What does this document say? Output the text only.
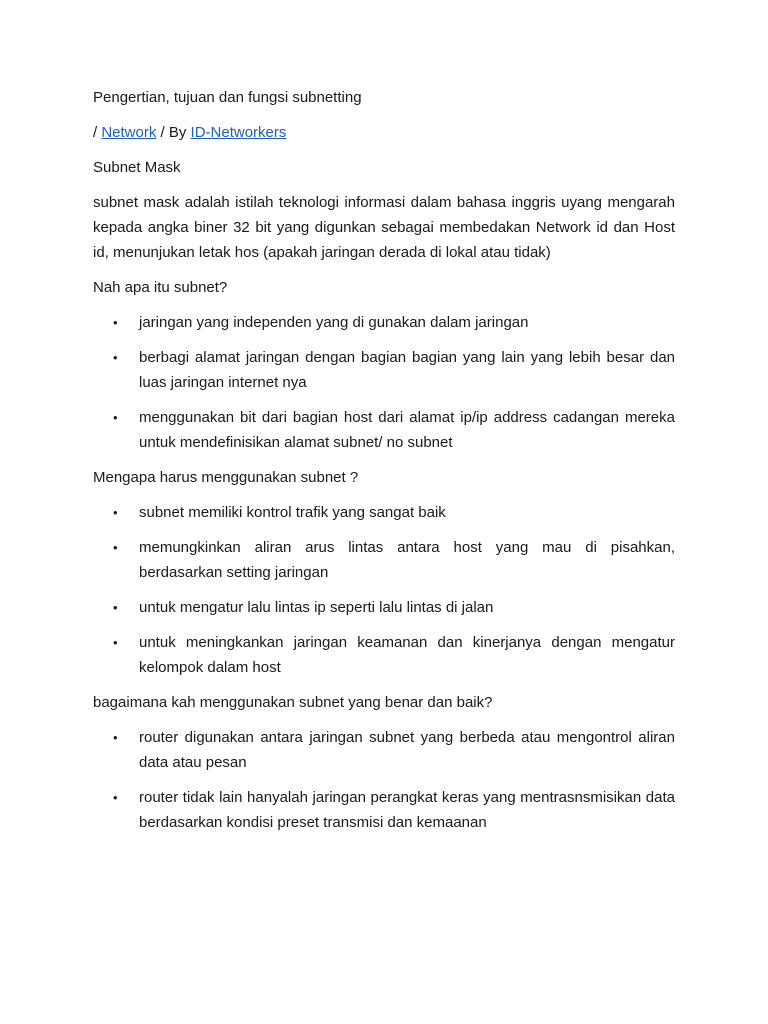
Pengertian, tujuan dan fungsi subnetting

/ Network / By ID-Networkers

Subnet Mask

subnet mask adalah istilah teknologi informasi dalam bahasa inggris uyang mengarah kepada angka biner 32 bit yang digunkan sebagai membedakan Network id dan Host id, menunjukan letak hos (apakah jaringan derada di lokal atau tidak)

Nah apa itu subnet?

• jaringan yang independen yang di gunakan dalam jaringan
• berbagi alamat jaringan dengan bagian bagian yang lain yang lebih besar dan luas jaringan internet nya
• menggunakan bit dari bagian host dari alamat ip/ip address cadangan mereka untuk mendefinisikan alamat subnet/ no subnet

Mengapa harus menggunakan subnet ?

• subnet memiliki kontrol trafik yang sangat baik
• memungkinkan aliran arus lintas antara host yang mau di pisahkan, berdasarkan setting jaringan
• untuk mengatur lalu lintas ip seperti lalu lintas di jalan
• untuk meningkankan jaringan keamanan dan kinerjanya dengan mengatur kelompok dalam host

bagaimana kah menggunakan subnet yang benar dan baik?

• router digunakan antara jaringan subnet yang berbeda atau mengontrol aliran data atau pesan
• router tidak lain hanyalah jaringan perangkat keras yang mentrasnsmisikan data berdasarkan kondisi preset transmisi dan kemaanan
